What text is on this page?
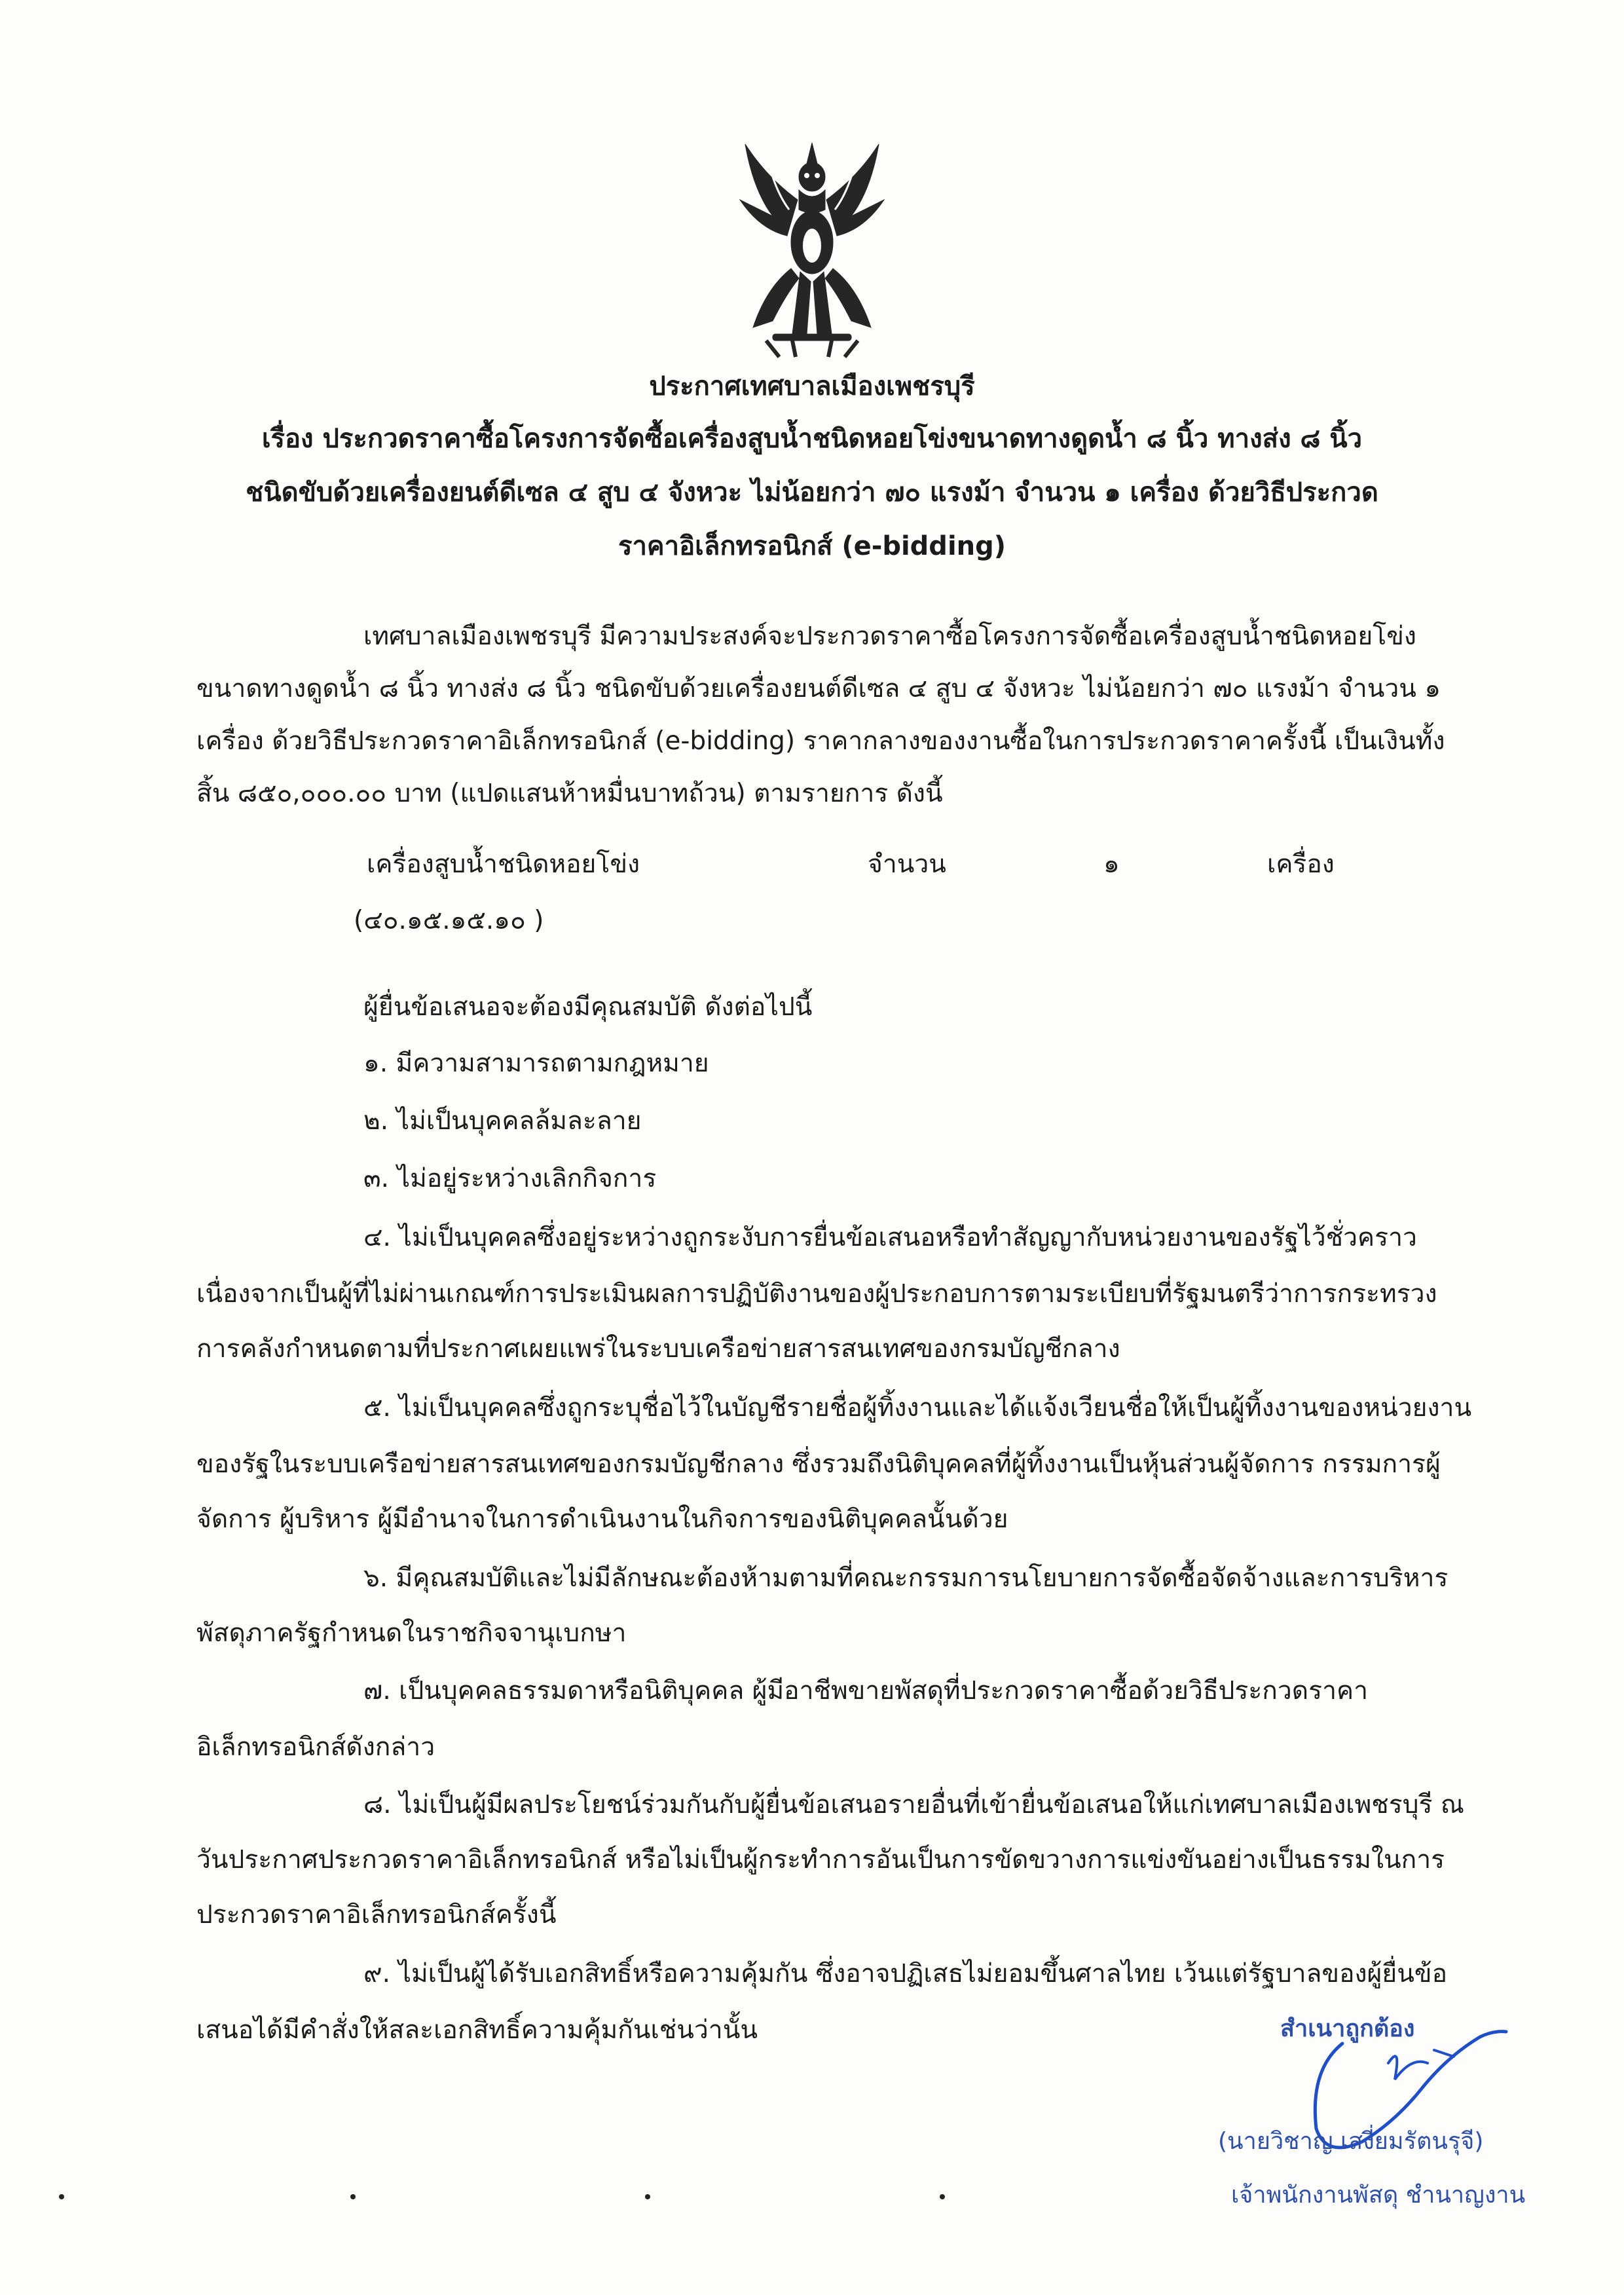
ประกาศเทศบาลเมืองเพชรบุรี
เรื่อง ประกวดราคาซื้อโครงการจัดซื้อเครื่องสูบน้ำชนิดหอยโข่งขนาดทางดูดน้ำ ๘ นิ้ว ทางส่ง ๘ นิ้ว
ชนิดขับด้วยเครื่องยนต์ดีเซล ๔ สูบ ๔ จังหวะ ไม่น้อยกว่า ๗๐ แรงม้า จำนวน ๑ เครื่อง ด้วยวิธีประกวด
ราคาอิเล็กทรอนิกส์ (e-bidding)
เทศบาลเมืองเพชรบุรี มีความประสงค์จะประกวดราคาซื้อโครงการจัดซื้อเครื่องสูบน้ำชนิดหอยโข่ง
ขนาดทางดูดน้ำ ๘ นิ้ว ทางส่ง ๘ นิ้ว ชนิดขับด้วยเครื่องยนต์ดีเซล ๔ สูบ ๔ จังหวะ ไม่น้อยกว่า ๗๐ แรงม้า จำนวน ๑
เครื่อง ด้วยวิธีประกวดราคาอิเล็กทรอนิกส์ (e-bidding) ราคากลางของงานซื้อในการประกวดราคาครั้งนี้ เป็นเงินทั้ง
สิ้น ๘๕๐,๐๐๐.๐๐ บาท (แปดแสนห้าหมื่นบาทถ้วน) ตามรายการ ดังนี้
เครื่องสูบน้ำชนิดหอยโข่ง	จำนวน	๑	เครื่อง
(๔๐.๑๕.๑๕.๑๐ )
ผู้ยื่นข้อเสนอจะต้องมีคุณสมบัติ ดังต่อไปนี้
๑. มีความสามารถตามกฎหมาย
๒. ไม่เป็นบุคคลล้มละลาย
๓. ไม่อยู่ระหว่างเลิกกิจการ
๔. ไม่เป็นบุคคลซึ่งอยู่ระหว่างถูกระงับการยื่นข้อเสนอหรือทำสัญญากับหน่วยงานของรัฐไว้ชั่วคราว
เนื่องจากเป็นผู้ที่ไม่ผ่านเกณฑ์การประเมินผลการปฏิบัติงานของผู้ประกอบการตามระเบียบที่รัฐมนตรีว่าการกระทรวง
การคลังกำหนดตามที่ประกาศเผยแพร่ในระบบเครือข่ายสารสนเทศของกรมบัญชีกลาง
๕. ไม่เป็นบุคคลซึ่งถูกระบุชื่อไว้ในบัญชีรายชื่อผู้ทิ้งงานและได้แจ้งเวียนชื่อให้เป็นผู้ทิ้งงานของหน่วยงาน
ของรัฐในระบบเครือข่ายสารสนเทศของกรมบัญชีกลาง ซึ่งรวมถึงนิติบุคคลที่ผู้ทิ้งงานเป็นหุ้นส่วนผู้จัดการ กรรมการผู้
จัดการ ผู้บริหาร ผู้มีอำนาจในการดำเนินงานในกิจการของนิติบุคคลนั้นด้วย
๖. มีคุณสมบัติและไม่มีลักษณะต้องห้ามตามที่คณะกรรมการนโยบายการจัดซื้อจัดจ้างและการบริหาร
พัสดุภาครัฐกำหนดในราชกิจจานุเบกษา
๗. เป็นบุคคลธรรมดาหรือนิติบุคคล ผู้มีอาชีพขายพัสดุที่ประกวดราคาซื้อด้วยวิธีประกวดราคา
อิเล็กทรอนิกส์ดังกล่าว
๘. ไม่เป็นผู้มีผลประโยชน์ร่วมกันกับผู้ยื่นข้อเสนอรายอื่นที่เข้ายื่นข้อเสนอให้แก่เทศบาลเมืองเพชรบุรี ณ
วันประกาศประกวดราคาอิเล็กทรอนิกส์ หรือไม่เป็นผู้กระทำการอันเป็นการขัดขวางการแข่งขันอย่างเป็นธรรมในการ
ประกวดราคาอิเล็กทรอนิกส์ครั้งนี้
๙. ไม่เป็นผู้ได้รับเอกสิทธิ์หรือความคุ้มกัน ซึ่งอาจปฏิเสธไม่ยอมขึ้นศาลไทย เว้นแต่รัฐบาลของผู้ยื่นข้อ
เสนอได้มีคำสั่งให้สละเอกสิทธิ์ความคุ้มกันเช่นว่านั้น	สำเนาถูกต้อง
(นายวิชาญ เสงี่ยมรัตนรุจี)
เจ้าพนักงานพัสดุ ชำนาญงาน
